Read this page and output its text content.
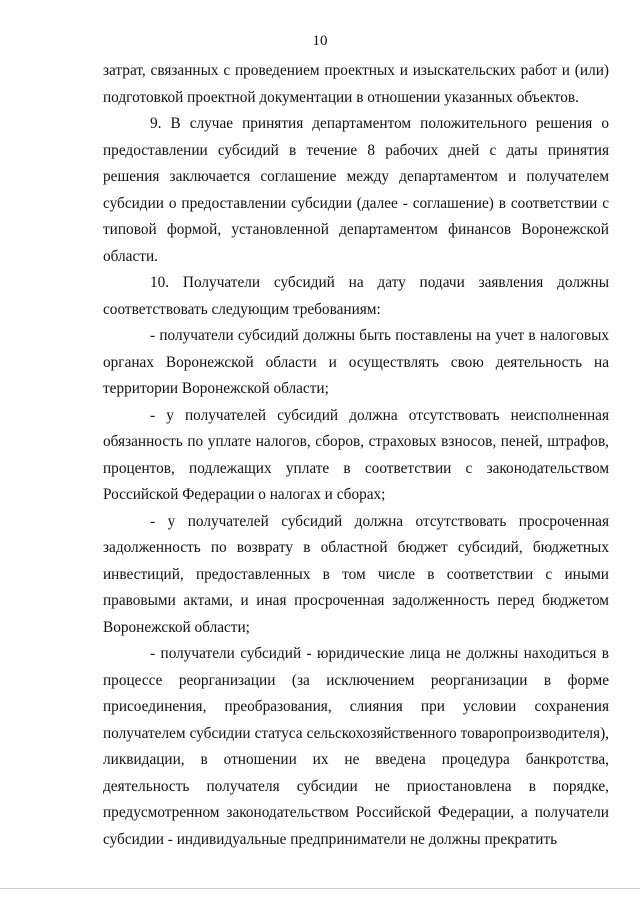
10

затрат, связанных с проведением проектных и изыскательских работ и (или) подготовкой проектной документации в отношении указанных объектов.

9. В случае принятия департаментом положительного решения о предоставлении субсидий в течение 8 рабочих дней с даты принятия решения заключается соглашение между департаментом и получателем субсидии о предоставлении субсидии (далее - соглашение) в соответствии с типовой формой, установленной департаментом финансов Воронежской области.

10. Получатели субсидий на дату подачи заявления должны соответствовать следующим требованиям:

- получатели субсидий должны быть поставлены на учет в налоговых органах Воронежской области и осуществлять свою деятельность на территории Воронежской области;

- у получателей субсидий должна отсутствовать неисполненная обязанность по уплате налогов, сборов, страховых взносов, пеней, штрафов, процентов, подлежащих уплате в соответствии с законодательством Российской Федерации о налогах и сборах;

- у получателей субсидий должна отсутствовать просроченная задолженность по возврату в областной бюджет субсидий, бюджетных инвестиций, предоставленных в том числе в соответствии с иными правовыми актами, и иная просроченная задолженность перед бюджетом Воронежской области;

- получатели субсидий - юридические лица не должны находиться в процессе реорганизации (за исключением реорганизации в форме присоединения, преобразования, слияния при условии сохранения получателем субсидии статуса сельскохозяйственного товаропроизводителя), ликвидации, в отношении их не введена процедура банкротства, деятельность получателя субсидии не приостановлена в порядке, предусмотренном законодательством Российской Федерации, а получатели субсидии - индивидуальные предприниматели не должны прекратить
